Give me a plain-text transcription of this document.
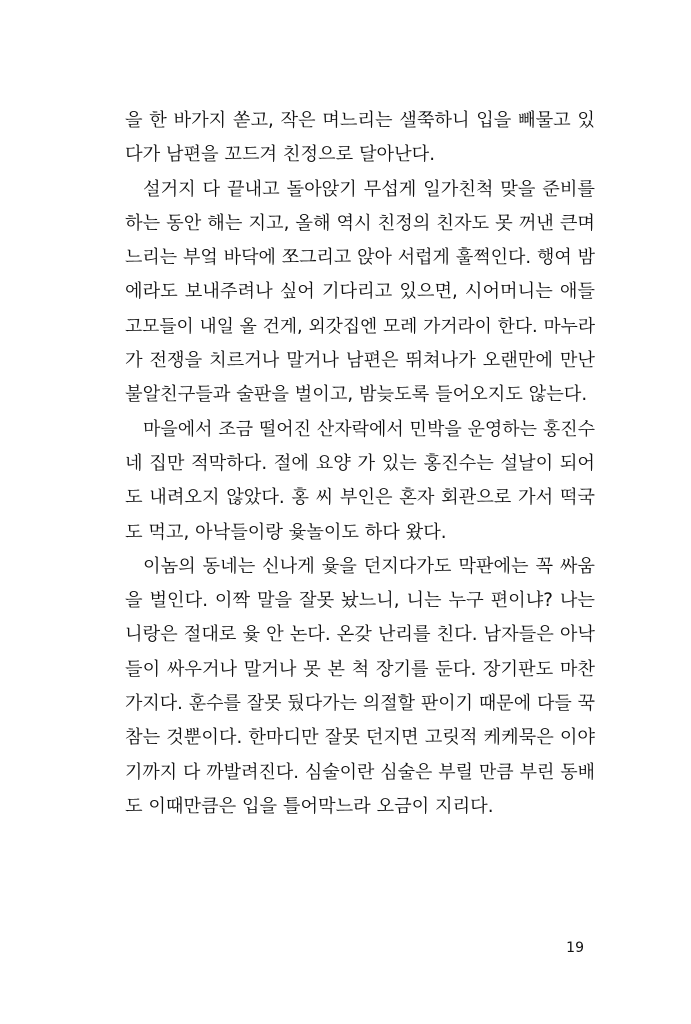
을 한 바가지 쏟고, 작은 며느리는 샐쭉하니 입을 빼물고 있
다가 남편을 꼬드겨 친정으로 달아난다.
설거지 다 끝내고 돌아앉기 무섭게 일가친척 맞을 준비를
하는 동안 해는 지고, 올해 역시 친정의 친자도 못 꺼낸 큰며
느리는 부엌 바닥에 쪼그리고 앉아 서럽게 훌쩍인다. 행여 밤
에라도 보내주려나 싶어 기다리고 있으면, 시어머니는 애들
고모들이 내일 올 건게, 외갓집엔 모레 가거라이 한다. 마누라
가 전쟁을 치르거나 말거나 남편은 뛰쳐나가 오랜만에 만난
불알친구들과 술판을 벌이고, 밤늦도록 들어오지도 않는다.
마을에서 조금 떨어진 산자락에서 민박을 운영하는 홍진수
네 집만 적막하다. 절에 요양 가 있는 홍진수는 설날이 되어
도 내려오지 않았다. 홍 씨 부인은 혼자 회관으로 가서 떡국
도 먹고, 아낙들이랑 윷놀이도 하다 왔다.
이놈의 동네는 신나게 윷을 던지다가도 막판에는 꼭 싸움
을 벌인다. 이짝 말을 잘못 놨느니, 니는 누구 편이냐? 나는
니랑은 절대로 윷 안 논다. 온갖 난리를 친다. 남자들은 아낙
들이 싸우거나 말거나 못 본 척 장기를 둔다. 장기판도 마찬
가지다. 훈수를 잘못 뒀다가는 의절할 판이기 때문에 다들 꾹
참는 것뿐이다. 한마디만 잘못 던지면 고릿적 케케묵은 이야
기까지 다 까발려진다. 심술이란 심술은 부릴 만큼 부린 동배
도 이때만큼은 입을 틀어막느라 오금이 지리다.
19
